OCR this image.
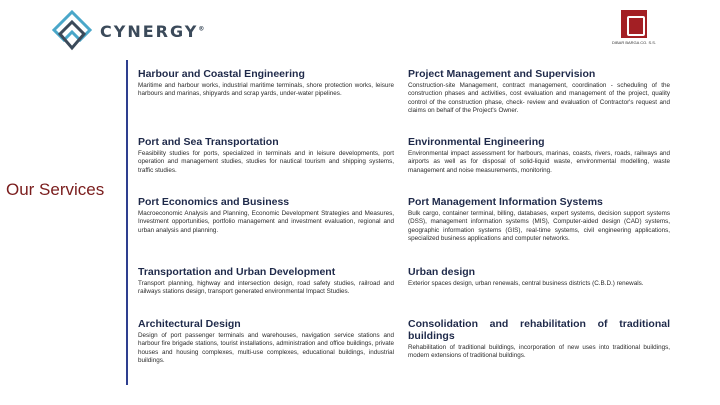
CYNERGY®
DIBAR BARGA CO. S.S.
Our Services
Harbour and Coastal Engineering
Maritime and harbour works, industrial maritime terminals, shore protection works, leisure harbours and marinas, shipyards and scrap yards, under-water pipelines.
Port and Sea Transportation
Feasibility studies for ports, specialized in terminals and in leisure developments, port operation and management studies, studies for nautical tourism and shipping systems, traffic studies.
Port Economics and Business
Macroeconomic Analysis and Planning, Economic Development Strategies and Measures, Investment opportunities, portfolio management and investment evaluation, regional and urban analysis and planning.
Transportation and Urban Development
Transport planning, highway and intersection design, road safety studies, railroad and railways stations design, transport generated environmental Impact Studies.
Architectural Design
Design of port passenger terminals and warehouses, navigation service stations and harbour fire brigade stations, tourist installations, administration and office buildings, private houses and housing complexes, multi-use complexes, educational buildings, industrial buildings.
Project Management and Supervision
Construction-site Management, contract management, coordination - scheduling of the construction phases and activities, cost evaluation and management of the project, quality control of the construction phase, check- review and evaluation of Contractor's request and claims on behalf of the Project's Owner.
Environmental Engineering
Environmental impact assessment for harbours, marinas, coasts, rivers, roads, railways and airports as well as for disposal of solid-liquid waste, environmental modelling, waste management and noise measurements, monitoring.
Port Management Information Systems
Bulk cargo, container terminal, billing, databases, expert systems, decision support systems (DSS), management information systems (MIS), Computer-aided design (CAD) systems, geographic information systems (GIS), real-time systems, civil engineering applications, specialized business applications and computer networks.
Urban design
Exterior spaces design, urban renewals, central business districts (C.B.D.) renewals.
Consolidation and rehabilitation of traditional buildings
Rehabilitation of traditional buildings, incorporation of new uses into traditional buildings, modern extensions of traditional buildings.
